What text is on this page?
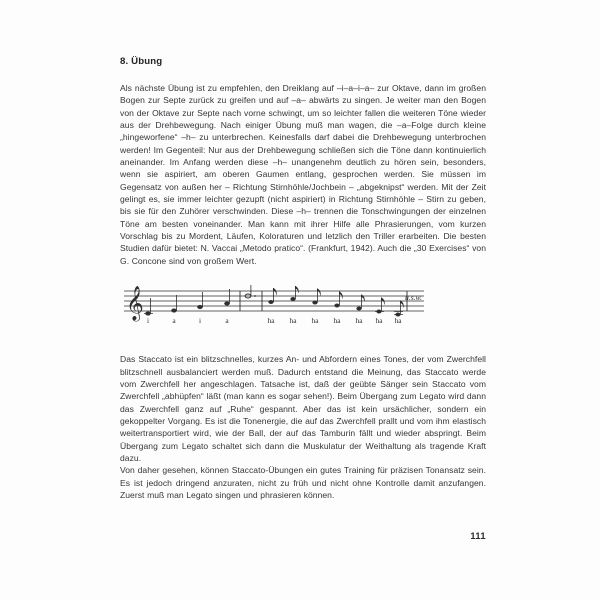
8. Übung

Als nächste Übung ist zu empfehlen, den Dreiklang auf –i–a–i–a– zur Oktave, dann im großen Bogen zur Septe zurück zu greifen und auf –a– abwärts zu singen. Je weiter man den Bogen von der Oktave zur Septe nach vorne schwingt, um so leichter fallen die weiteren Töne wieder aus der Drehbewegung. Nach einiger Übung muß man wagen, die –a–Folge durch kleine „hingeworfene“ –h– zu unterbrechen. Keinesfalls darf dabei die Drehbewegung unterbrochen werden! Im Gegenteil: Nur aus der Drehbewegung schließen sich die Töne dann kontinuierlich aneinander. Im Anfang werden diese –h– unangenehm deutlich zu hören sein, besonders, wenn sie aspiriert, am oberen Gaumen entlang, gesprochen werden. Sie müssen im Gegensatz von außen her – Richtung Stirnhöhle/Jochbein – „abgeknipst“ werden. Mit der Zeit gelingt es, sie immer leichter gezupft (nicht aspiriert) in Richtung Stirnhöhle – Stirn zu geben, bis sie für den Zuhörer verschwinden. Diese –h– trennen die Tonschwingungen der einzelnen Töne am besten voneinander. Man kann mit ihrer Hilfe alle Phrasierungen, vom kurzen Vorschlag bis zu Mordent, Läufen, Koloraturen und letzlich den Triller erarbeiten. Die besten Studien dafür bietet: N. Vaccai „Metodo pratico“. (Frankfurt, 1942). Auch die „30 Exercises“ von G. Concone sind von großem Wert.

𝄞 i	a	i	a	ha ha ha ha ha ha ha
u.s.w.

Das Staccato ist ein blitzschnelles, kurzes An- und Abfordern eines Tones, der vom Zwerchfell blitzschnell ausbalanciert werden muß. Dadurch entstand die Meinung, das Staccato werde vom Zwerchfell her angeschlagen. Tatsache ist, daß der geübte Sänger sein Staccato vom Zwerchfell „abhüpfen“ läßt (man kann es sogar sehen!). Beim Übergang zum Legato wird dann das Zwerchfell ganz auf „Ruhe“ gespannt. Aber das ist kein ursächlicher, sondern ein gekoppelter Vorgang. Es ist die Tonenergie, die auf das Zwerchfell prallt und vom ihm elastisch weitertransportiert wird, wie der Ball, der auf das Tamburin fällt und wieder abspringt. Beim Übergang zum Legato schaltet sich dann die Muskulatur der Weithaltung als tragende Kraft dazu.

Von daher gesehen, können Staccato-Übungen ein gutes Training für präzisen Tonansatz sein. Es ist jedoch dringend anzuraten, nicht zu früh und nicht ohne Kontrolle damit anzufangen. Zuerst muß man Legato singen und phrasieren können.

111
